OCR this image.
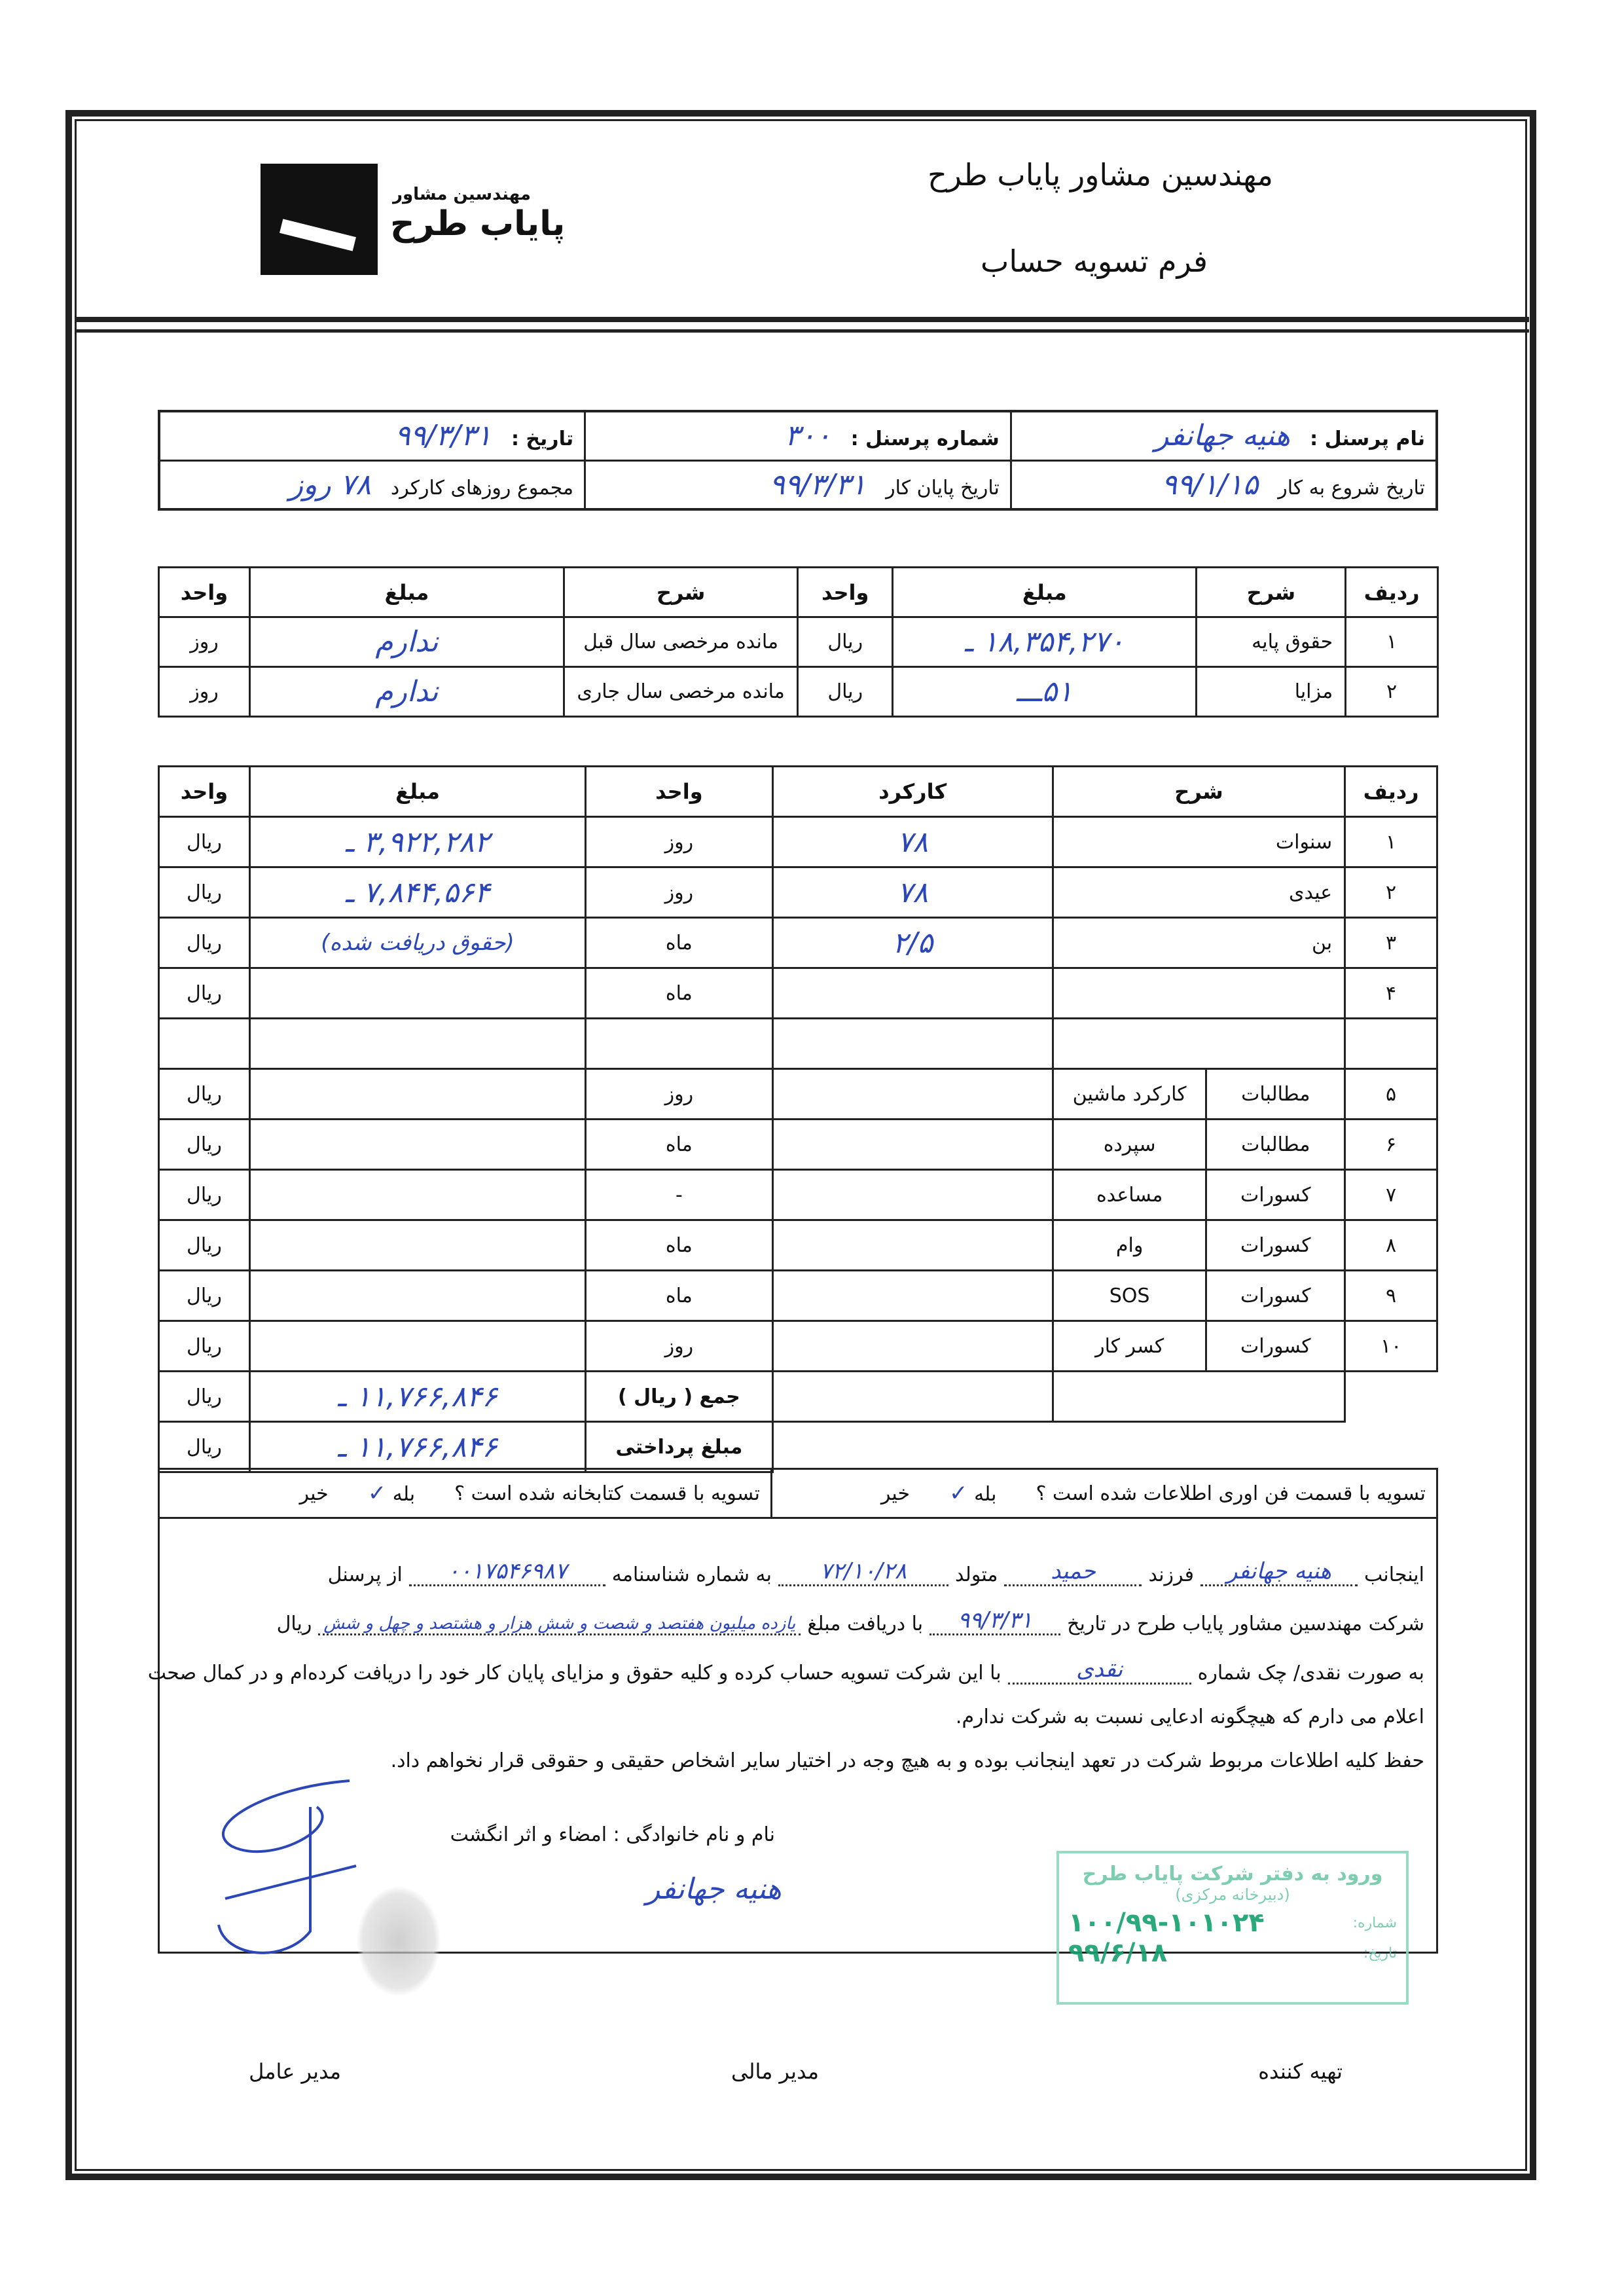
مهندسین مشاور
پایاب طرح
مهندسین مشاور پایاب طرح
فرم تسویه حساب
نام پرسنل :هنیه جهانفر	شماره پرسنل :۳۰۰	تاریخ :۹۹/۳/۳۱
تاریخ شروع به کار۹۹/۱/۱۵	تاریخ پایان کار۹۹/۳/۳۱	مجموع روزهای کارکرد۷۸ روز
ردیف	شرح	مبلغ	واحد	شرح	مبلغ	واحد
۱	حقوق پایه	۱۸,۳۵۴,۲۷۰ ـ	ریال	مانده مرخصی سال قبل	ندارم	روز
۲	مزایا	۵۱ـــ	ریال	مانده مرخصی سال جاری	ندارم	روز
ردیف	شرح		کارکرد	واحد	مبلغ	واحد
۱	سنوات		۷۸	روز	۳,۹۲۲,۲۸۲ ـ	ریال
۲	عیدی		۷۸	روز	۷,۸۴۴,۵۶۴ ـ	ریال
۳	بن		۲/۵	ماه	(حقوق دریافت شده)	ریال
۴				ماه		ریال

۵	مطالبات	کارکرد ماشین		روز		ریال
۶	مطالبات	سپرده		ماه		ریال
۷	کسورات	مساعده		-		ریال
۸	کسورات	وام		ماه		ریال
۹	کسورات	SOS		ماه		ریال
۱۰	کسورات	کسر کار		روز		ریال
				جمع ( ریال )	۱۱,۷۶۶,۸۴۶ ـ	ریال
				مبلغ پرداختی	۱۱,۷۶۶,۸۴۶ ـ	ریال
تسویه با قسمت فن اوری اطلاعات شده است ؟
بله ✓
خیر
تسویه با قسمت کتابخانه شده است ؟
بله ✓
خیر
اینجانب
هنیه جهانفر
فرزند
حمید
متولد
۷۲/۱۰/۲۸
به شماره شناسنامه
۰۰۱۷۵۴۶۹۸۷
از پرسنل
شرکت مهندسین مشاور پایاب طرح در تاریخ
۹۹/۳/۳۱
با دریافت مبلغ
یازده میلیون هفتصد و شصت و شش هزار و هشتصد و چهل و شش
ریال
به صورت نقدی/ چک شماره
نقدی
با این شرکت تسویه حساب کرده و کلیه حقوق و مزایای پایان کار خود را دریافت کرده‌ام و در کمال صحت
اعلام می دارم که هیچگونه ادعایی نسبت به شرکت ندارم.
حفظ کلیه اطلاعات مربوط شرکت در تعهد اینجانب بوده و به هیچ وجه در اختیار سایر اشخاص حقیقی و حقوقی قرار نخواهم داد.
نام و نام خانوادگی : امضاء و اثر انگشت
هنیه جهانفر	ورود به دفتر شرکت پایاب طرح
(دبیرخانه مرکزی)
شماره:
۱۰۰/۹۹-۱۰۱۰۲۴
تاریخ:
۹۹/۶/۱۸
تهیه کننده
مدیر مالی
مدیر عامل
